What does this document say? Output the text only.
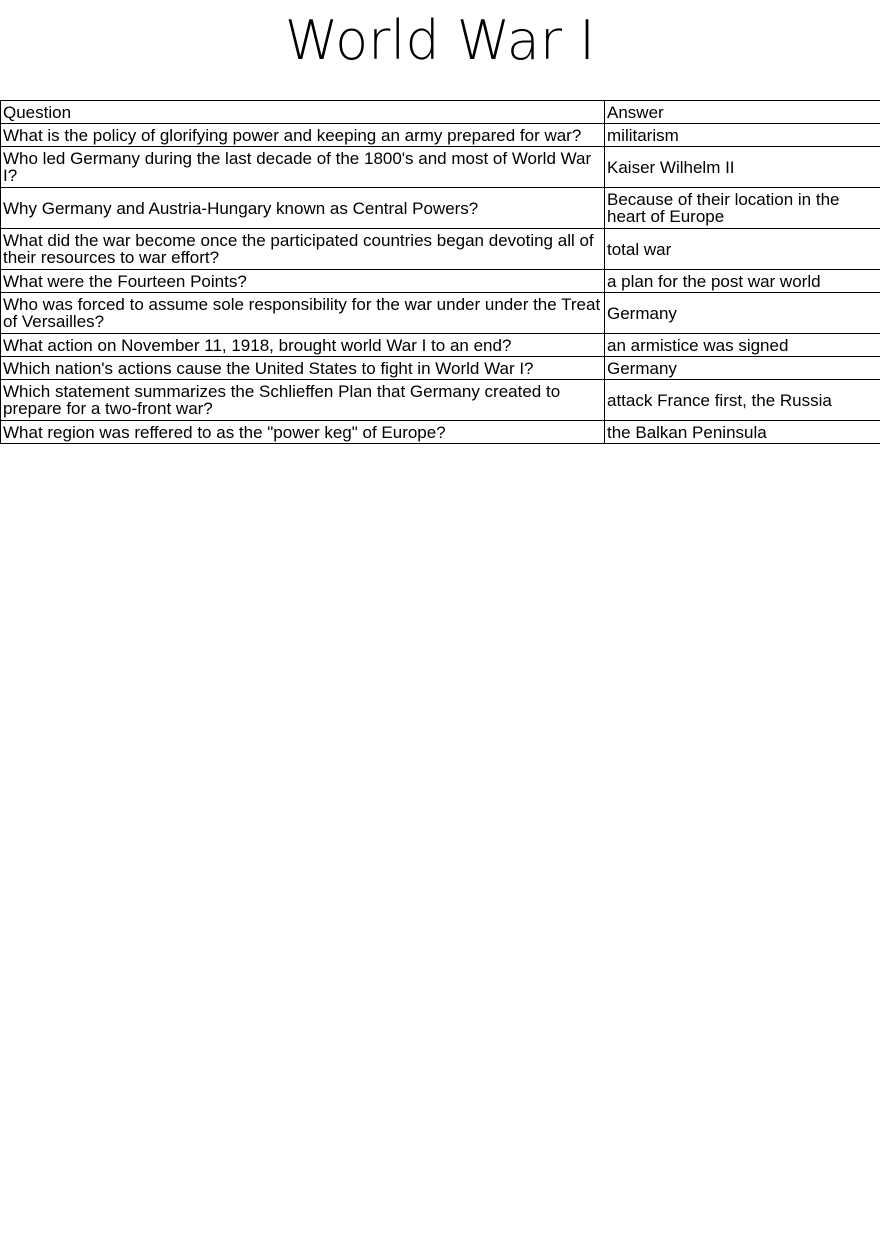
World War I
Question	Answer
What is the policy of glorifying power and keeping an army prepared for war?	militarism
Who led Germany during the last decade of the 1800's and most of World War I?	Kaiser Wilhelm II
Why Germany and Austria-Hungary known as Central Powers?	Because of their location in the heart of Europe
What did the war become once the participated countries began devoting all of their resources to war effort?	total war
What were the Fourteen Points?	a plan for the post war world
Who was forced to assume sole responsibility for the war under under the Treat of Versailles?	Germany
What action on November 11, 1918, brought world War I to an end?	an armistice was signed
Which nation's actions cause the United States to fight in World War I?	Germany
Which statement summarizes the Schlieffen Plan that Germany created to prepare for a two-front war?	attack France first, the Russia
What region was reffered to as the "power keg" of Europe?	the Balkan Peninsula
